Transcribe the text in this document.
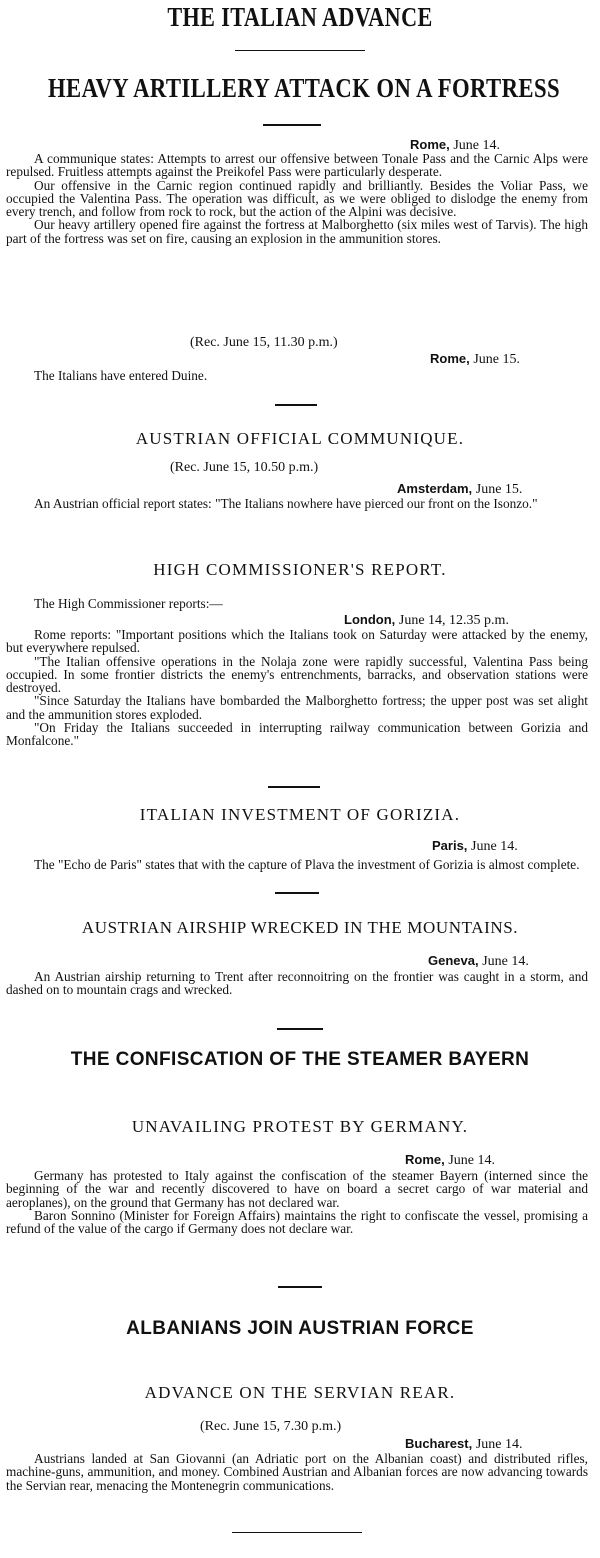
THE ITALIAN ADVANCE
HEAVY ARTILLERY ATTACK ON A FORTRESS
Rome, June 14.

A communique states: Attempts to arrest our offensive between Tonale Pass and the Carnic Alps were repulsed. Fruitless attempts against the Preikofel Pass were particularly desperate.

Our offensive in the Carnic region continued rapidly and brilliantly. Besides the Voliar Pass, we occupied the Valentina Pass. The operation was difficult, as we were obliged to dislodge the enemy from every trench, and follow from rock to rock, but the action of the Alpini was decisive.

Our heavy artillery opened fire against the fortress at Malborghetto (six miles west of Tarvis). The high part of the fortress was set on fire, causing an explosion in the ammunition stores.

(Rec. June 15, 11.30 p.m.)
Rome, June 15.

The Italians have entered Duine.

AUSTRIAN OFFICIAL COMMUNIQUE.
(Rec. June 15, 10.50 p.m.)
Amsterdam, June 15.

An Austrian official report states: "The Italians nowhere have pierced our front on the Isonzo."

HIGH COMMISSIONER'S REPORT.

The High Commissioner reports:—

London, June 14, 12.35 p.m.

Rome reports: "Important positions which the Italians took on Saturday were attacked by the enemy, but everywhere repulsed.

"The Italian offensive operations in the Nolaja zone were rapidly successful, Valentina Pass being occupied. In some frontier districts the enemy's entrenchments, barracks, and observation stations were destroyed.

"Since Saturday the Italians have bombarded the Malborghetto fortress; the upper post was set alight and the ammunition stores exploded.

"On Friday the Italians succeeded in interrupting railway communication between Gorizia and Monfalcone."

ITALIAN INVESTMENT OF GORIZIA.
Paris, June 14.

The "Echo de Paris" states that with the capture of Plava the investment of Gorizia is almost complete.

AUSTRIAN AIRSHIP WRECKED IN THE MOUNTAINS.
Geneva, June 14.

An Austrian airship returning to Trent after reconnoitring on the frontier was caught in a storm, and dashed on to mountain crags and wrecked.

THE CONFISCATION OF THE STEAMER BAYERN
UNAVAILING PROTEST BY GERMANY.
Rome, June 14.

Germany has protested to Italy against the confiscation of the steamer Bayern (interned since the beginning of the war and recently discovered to have on board a secret cargo of war material and aeroplanes), on the ground that Germany has not declared war.

Baron Sonnino (Minister for Foreign Affairs) maintains the right to confiscate the vessel, promising a refund of the value of the cargo if Germany does not declare war.

ALBANIANS JOIN AUSTRIAN FORCE
ADVANCE ON THE SERVIAN REAR.
(Rec. June 15, 7.30 p.m.)
Bucharest, June 14.

Austrians landed at San Giovanni (an Adriatic port on the Albanian coast) and distributed rifles, machine-guns, ammunition, and money. Combined Austrian and Albanian forces are now advancing towards the Servian rear, menacing the Montenegrin communications.
